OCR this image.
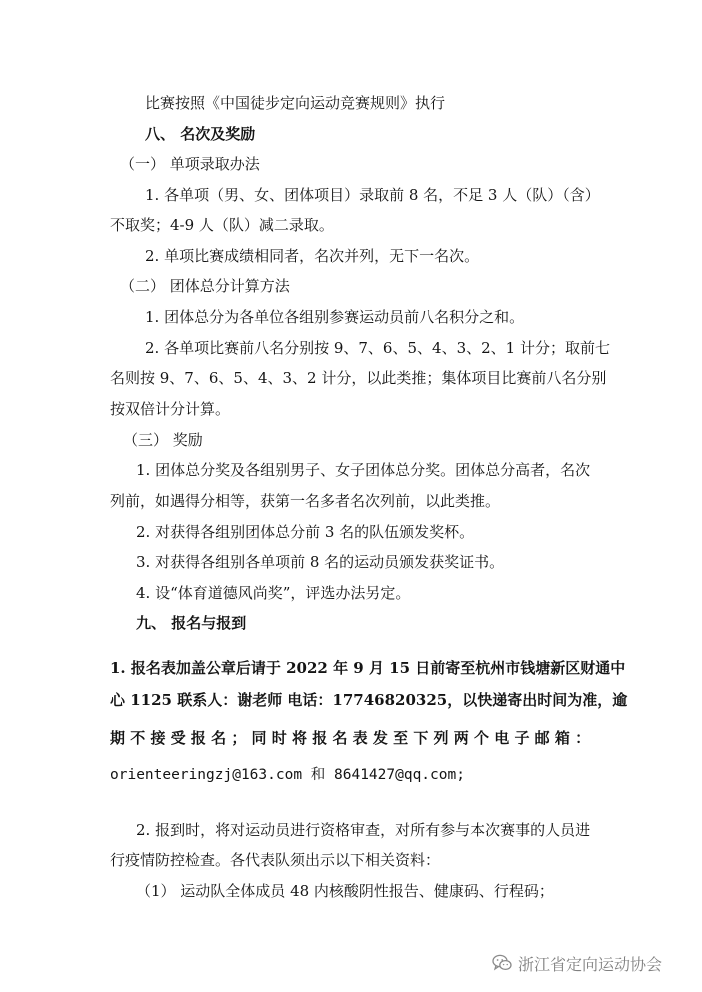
比赛按照《中国徒步定向运动竞赛规则》执行
八、 名次及奖励
（一） 单项录取办法
1. 各单项（男、女、团体项目）录取前 8 名，不足 3 人（队）（含）
不取奖；4-9 人（队）减二录取。
2. 单项比赛成绩相同者，名次并列，无下一名次。
（二） 团体总分计算方法
1. 团体总分为各单位各组别参赛运动员前八名积分之和。
2. 各单项比赛前八名分别按 9、7、6、5、4、3、2、1 计分；取前七
名则按 9、7、6、5、4、3、2 计分，以此类推；集体项目比赛前八名分别
按双倍计分计算。
（三） 奖励
1. 团体总分奖及各组别男子、女子团体总分奖。团体总分高者，名次
列前，如遇得分相等，获第一名多者名次列前，以此类推。
2. 对获得各组别团体总分前 3 名的队伍颁发奖杯。
3. 对获得各组别各单项前 8 名的运动员颁发获奖证书。
4. 设“体育道德风尚奖”，评选办法另定。
九、 报名与报到
1. 报名表加盖公章后请于 2022 年 9 月 15 日前寄至杭州市钱塘新区财通中
心 1125 联系人：谢老师 电话：17746820325，以快递寄出时间为准，逾
期 不 接 受 报 名 ； 同 时 将 报 名 表 发 至 下 列 两 个 电 子 邮 箱 ：
orienteeringzj@163.com 和 8641427@qq.com;
2. 报到时，将对运动员进行资格审查，对所有参与本次赛事的人员进
行疫情防控检查。各代表队须出示以下相关资料：
（1） 运动队全体成员 48 内核酸阴性报告、健康码、行程码；
浙江省定向运动协会
